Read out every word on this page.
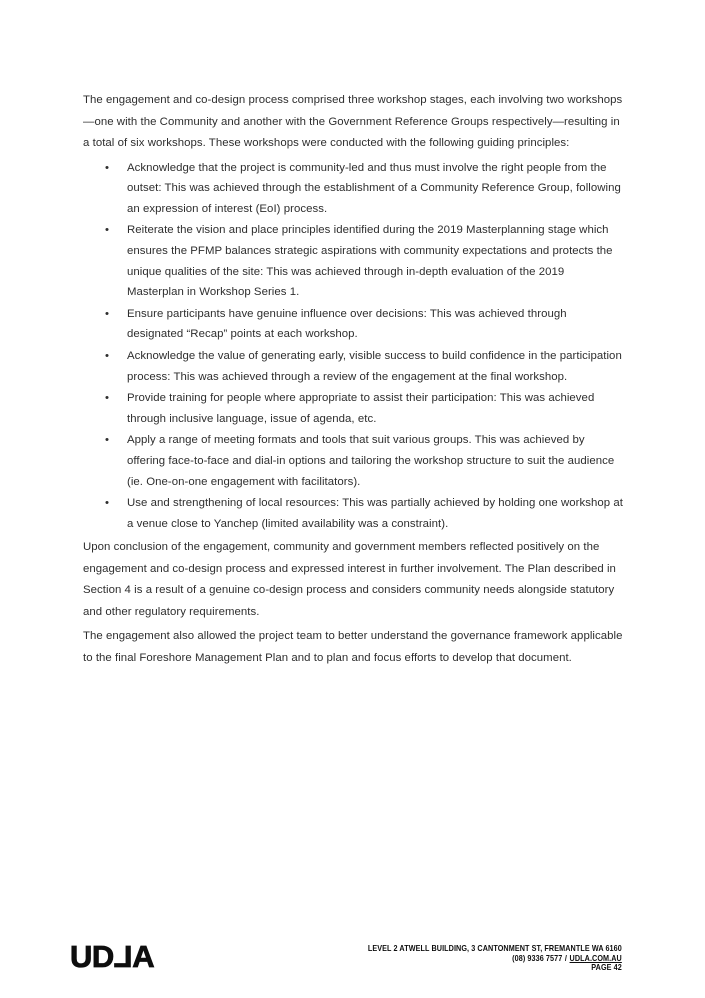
The engagement and co-design process comprised three workshop stages, each involving two workshops—one with the Community and another with the Government Reference Groups respectively—resulting in a total of six workshops. These workshops were conducted with the following guiding principles:

• Acknowledge that the project is community-led and thus must involve the right people from the outset: This was achieved through the establishment of a Community Reference Group, following an expression of interest (EoI) process.
• Reiterate the vision and place principles identified during the 2019 Masterplanning stage which ensures the PFMP balances strategic aspirations with community expectations and protects the unique qualities of the site: This was achieved through in-depth evaluation of the 2019 Masterplan in Workshop Series 1.
• Ensure participants have genuine influence over decisions: This was achieved through designated “Recap” points at each workshop.
• Acknowledge the value of generating early, visible success to build confidence in the participation process: This was achieved through a review of the engagement at the final workshop.
• Provide training for people where appropriate to assist their participation: This was achieved through inclusive language, issue of agenda, etc.
• Apply a range of meeting formats and tools that suit various groups. This was achieved by offering face-to-face and dial-in options and tailoring the workshop structure to suit the audience (ie. One-on-one engagement with facilitators).
• Use and strengthening of local resources: This was partially achieved by holding one workshop at a venue close to Yanchep (limited availability was a constraint).

Upon conclusion of the engagement, community and government members reflected positively on the engagement and co-design process and expressed interest in further involvement. The Plan described in Section 4 is a result of a genuine co-design process and considers community needs alongside statutory and other regulatory requirements.

The engagement also allowed the project team to better understand the governance framework applicable to the final Foreshore Management Plan and to plan and focus efforts to develop that document.

UDLA	LEVEL 2 ATWELL BUILDING, 3 CANTONMENT ST, FREMANTLE WA 6160
(08) 9336 7577 / UDLA.COM.AU
PAGE 42
